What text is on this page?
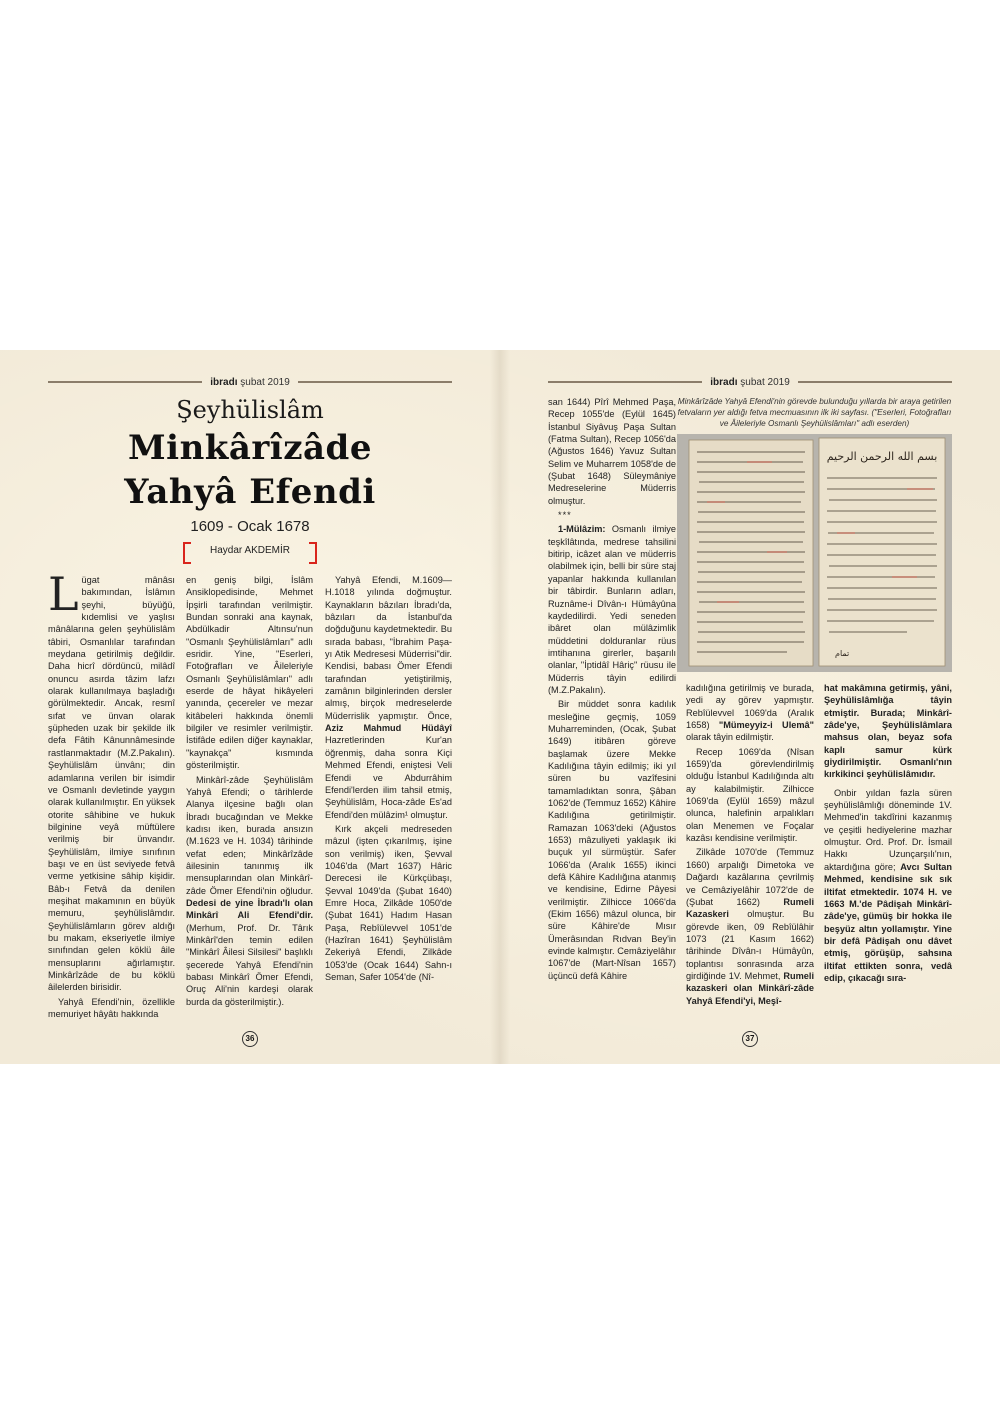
ibradı şubat 2019
Şeyhülislâm
Minkârîzâde
Yahyâ Efendi
1609 - Ocak 1678
Haydar AKDEMİR

Lügat mânâsı bakımından, İslâmın şeyhi, büyüğü, kıdemlisi ve yaşlısı mânâlarına gelen şeyhülislâm tâbiri, Osmanlılar tarafından meydana getirilmiş değildir. Daha hicrî dördüncü, milâdî onuncu asırda tâzim lafzı olarak kullanılmaya başladığı görülmektedir. Ancak, resmî sıfat ve ünvan olarak şüpheden uzak bir şekilde ilk defa Fâtih Kânunnâmesinde rastlanmaktadır (M.Z.Pakalın). Şeyhülislâm ünvânı; din adamlarına verilen bir isimdir ve Osmanlı devletinde yaygın olarak kullanılmıştır. En yüksek otorite sâhibine ve hukuk bilginine veyâ müftülere verilmiş bir ünvandır. Şeyhülislâm, ilmiye sınıfının başı ve en üst seviyede fetvâ verme yetkisine sâhip kişidir. Bâb-ı Fetvâ da denilen meşihat makamının en büyük memuru, şeyhülislâmdır. Şeyhülislâmların görev aldığı bu makam, ekseriyetle ilmiye sınıfından gelen köklü âile mensuplarını ağırlamıştır. Minkârîzâde de bu köklü âilelerden birisidir.

Yahyâ Efendi'nin, özellikle memuriyet hâyâtı hakkında

en geniş bilgi, İslâm Ansiklopedisinde, Mehmet İpşirli tarafından verilmiştir. Bundan sonraki ana kaynak, Abdülkadir Altınsu'nun "Osmanlı Şeyhülislâmları" adlı esridir. Yine, "Eserleri, Fotoğrafları ve Âileleriyle Osmanlı Şeyhülislâmları" adlı eserde de hâyat hikâyeleri yanında, çecereler ve mezar kitâbeleri hakkında önemli bilgiler ve resimler verilmiştir. İstifâde edilen diğer kaynaklar, "kaynakça" kısmında gösterilmiştir.

Minkârî-zâde Şeyhülislâm Yahyâ Efendi; o târihlerde Alanya ilçesine bağlı olan İbradı bucağından ve Mekke kadısı iken, burada ansızın (M.1623 ve H. 1034) târihinde vefat eden; Minkârîzâde âilesinin tanınmış ilk mensuplarından olan Minkârî-zâde Ömer Efendi'nin oğludur. Dedesi de yine İbradı'lı olan Minkârî Ali Efendi'dir. (Merhum, Prof. Dr. Târık Minkârî'den temin edilen "Minkârî Âilesi Silsilesi" başlıklı şecerede Yahyâ Efendi'nin babası Minkârî Ömer Efendi, Oruç Ali'nin kardeşi olarak burda da gösterilmiştir.).

Yahyâ Efendi, M.1609—H.1018 yılında doğmuştur. Kaynakların bâzıları İbradı'da, bâzıları da İstanbul'da doğduğunu kaydetmektedir. Bu sırada babası, "İbrahim Paşa-yı Atik Medresesi Müderrisi"dir. Kendisi, babası Ömer Efendi tarafından yetiştirilmiş, zamânın bilginlerinden dersler almış, birçok medreselerde Müderrislik yapmıştır. Önce, Aziz Mahmud Hüdâyî Hazretlerinden Kur'an öğrenmiş, daha sonra Kiçi Mehmed Efendi, eniştesi Veli Efendi ve Abdurrâhim Efendi'lerden ilim tahsil etmiş, Şeyhülislâm, Hoca-zâde Es'ad Efendi'den mülâzim¹ olmuştur.

Kırk akçeli medreseden mâzul (işten çıkarılmış, işine son verilmiş) iken, Şevval 1046'da (Mart 1637) Hâric Derecesi ile Kürkçübaşı, Şevval 1049'da (Şubat 1640) Emre Hoca, Zilkâde 1050'de (Şubat 1641) Hadım Hasan Paşa, Rebîülevvel 1051'de (Hazîran 1641) Şeyhülislâm Zekeriyâ Efendi, Zilkâde 1053'de (Ocak 1644) Sahn-ı Seman, Safer 1054'de (Nî-

36
ibradı şubat 2019
37

san 1644) Pîrî Mehmed Paşa, Recep 1055'de (Eylül 1645) İstanbul Siyâvuş Paşa Sultan (Fatma Sultan), Recep 1056'da (Ağustos 1646) Yavuz Sultan Selim ve Muharrem 1058'de de (Şubat 1648) Süleymâniye Medreselerine Müderris olmuştur.

***

1-Mülâzim: Osmanlı ilmiye teşkîlâtında, medrese tahsilini bitirip, icâzet alan ve müderris olabilmek için, belli bir süre staj yapanlar hakkında kullanılan bir tâbirdir. Bunların adları, Ruznâme-i Dîvân-ı Hümâyûna kaydedilirdi. Yedi seneden ibâret olan mülâzimlik müddetini dolduranlar rüus imtihanına girerler, başarılı olanlar, "İptidâî Hâriç" rüusu ile Müderris tâyin edilirdi (M.Z.Pakalın).

Bir müddet sonra kadılık mesleğine geçmiş, 1059 Muharreminden, (Ocak, Şubat 1649) itibâren göreve başlamak üzere Mekke Kadılığına tâyin edilmiş; iki yıl süren bu vazîfesini tamamladıktan sonra, Şâban 1062'de (Temmuz 1652) Kâhire Kadılığına getirilmiştir. Ramazan 1063'deki (Ağustos 1653) mâzuliyeti yaklaşık iki buçuk yıl sürmüştür. Safer 1066'da (Aralık 1655) ikinci defâ Kâhire Kadılığına atanmış ve kendisine, Edirne Pâyesi verilmiştir. Zilhicce 1066'da (Ekim 1656) mâzul olunca, bir süre Kâhire'de Mısır Ümerâsından Rıdvan Bey'in evinde kalmıştır. Cemâziyelâhır 1067'de (Mart-Nîsan 1657) üçüncü defâ Kâhire

Minkârîzâde Yahyâ Efendi'nin görevde bulunduğu yıllarda bir araya getirilen fetvaların yer aldığı fetva mecmuasının ilk iki sayfası. ("Eserleri, Fotoğrafları ve Âileleriyle Osmanlı Şeyhülislâmları" adlı eserden)
بسم الله الرحمن الرحيم
تمام

kadılığına getirilmiş ve burada, yedi ay görev yapmıştır. Rebîülevvel 1069'da (Aralık 1658) "Mümeyyiz-i Ulemâ" olarak tâyin edilmiştir.

Recep 1069'da (Nîsan 1659)'da görevlendirilmiş olduğu İstanbul Kadılığında altı ay kalabilmiştir. Zilhicce 1069'da (Eylül 1659) mâzul olunca, halefinin arpalıkları olan Menemen ve Foçalar kazâsı kendisine verilmiştir.

Zilkâde 1070'de (Temmuz 1660) arpalığı Dimetoka ve Dağardı kazâlarına çevrilmiş ve Cemâziyelâhir 1072'de de (Şubat 1662)	Rumeli Kazaskeri olmuştur. Bu görevde iken, 09 Rebîülâhir 1073 (21 Kasım 1662) târihinde Dîvân-ı Hümâyûn, toplantısı sonrasında arza girdiğinde 1V. Mehmet, Rumeli kazaskeri olan Minkârî-zâde Yahyâ Efendi'yi, Meşî-

hat makâmına getirmiş, yâni, Şeyhülislâmlığa tâyin etmiştir. Burada; Minkârî-zâde'ye, Şeyhülislâmlara mahsus olan, beyaz sofa kaplı samur kürk giydirilmiştir. Osmanlı'nın kırkikinci şeyhülislâmıdır.

Onbir yıldan fazla süren şeyhülislâmlığı döneminde 1V. Mehmed'in takdîrini kazanmış ve çeşitli hediyelerine mazhar olmuştur. Ord. Prof. Dr. İsmail Hakkı Uzunçarşılı'nın, aktardığına göre; Avcı Sultan Mehmed, kendisine sık sık iltifat etmektedir. 1074 H. ve 1663 M.'de Pâdişah Minkârî-zâde'ye, gümüş bir hokka ile beşyüz altın yollamıştır. Yine bir defâ Pâdişah onu dâvet etmiş, görüşüp, sahsına iltifat ettikten sonra, vedâ edip, çıkacağı sıra-
